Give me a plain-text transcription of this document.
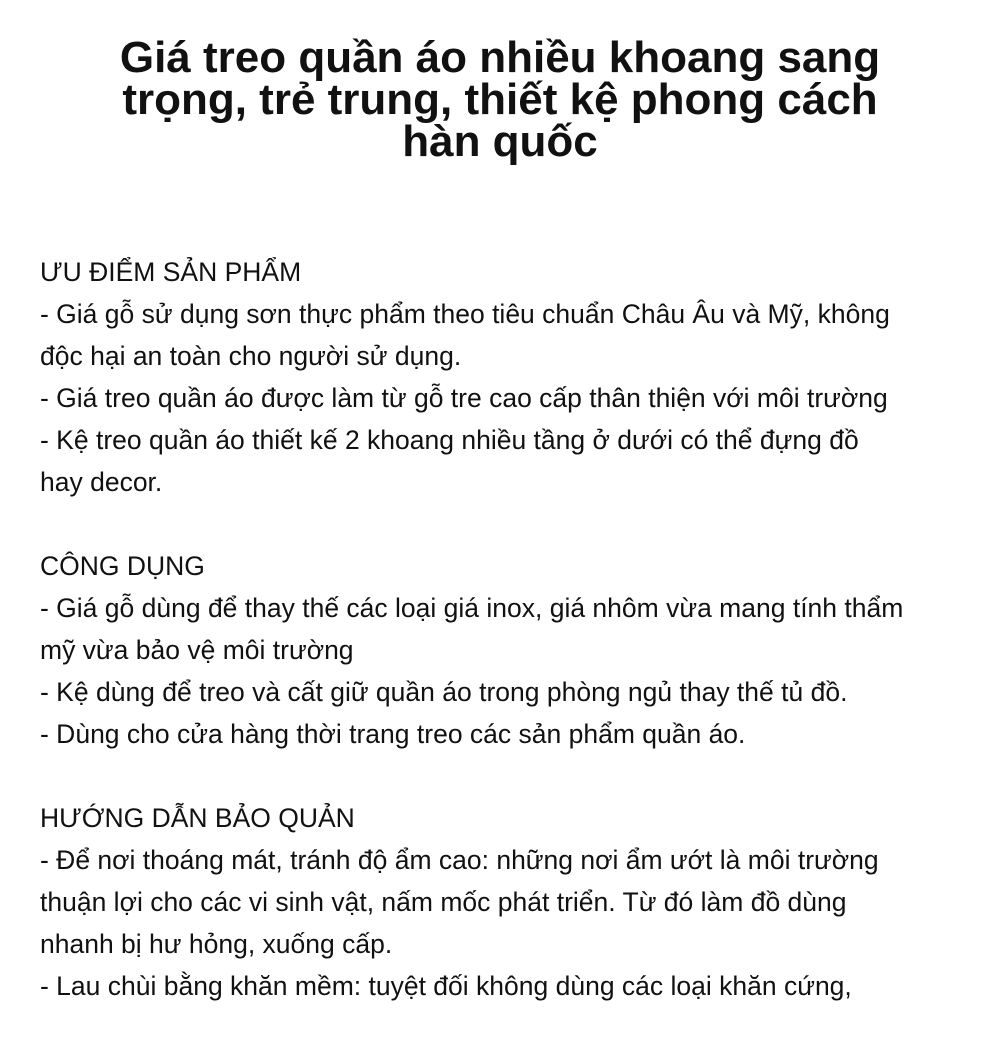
Giá treo quần áo nhiều khoang sang
trọng, trẻ trung, thiết kệ phong cách
hàn quốc
ƯU ĐIỂM SẢN PHẨM
- Giá gỗ sử dụng sơn thực phẩm theo tiêu chuẩn Châu Âu và Mỹ, không
độc hại an toàn cho người sử dụng.
- Giá treo quần áo được làm từ gỗ tre cao cấp thân thiện với môi trường
- Kệ treo quần áo thiết kế 2 khoang nhiều tầng ở dưới có thể đựng đồ
hay decor.
CÔNG DỤNG
- Giá gỗ dùng để thay thế các loại giá inox, giá nhôm vừa mang tính thẩm
mỹ vừa bảo vệ môi trường
- Kệ dùng để treo và cất giữ quần áo trong phòng ngủ thay thế tủ đồ.
- Dùng cho cửa hàng thời trang treo các sản phẩm quần áo.
HƯỚNG DẪN BẢO QUẢN
- Để nơi thoáng mát, tránh độ ẩm cao: những nơi ẩm ướt là môi trường
thuận lợi cho các vi sinh vật, nấm mốc phát triển. Từ đó làm đồ dùng
nhanh bị hư hỏng, xuống cấp.
- Lau chùi bằng khăn mềm: tuyệt đối không dùng các loại khăn cứng,
